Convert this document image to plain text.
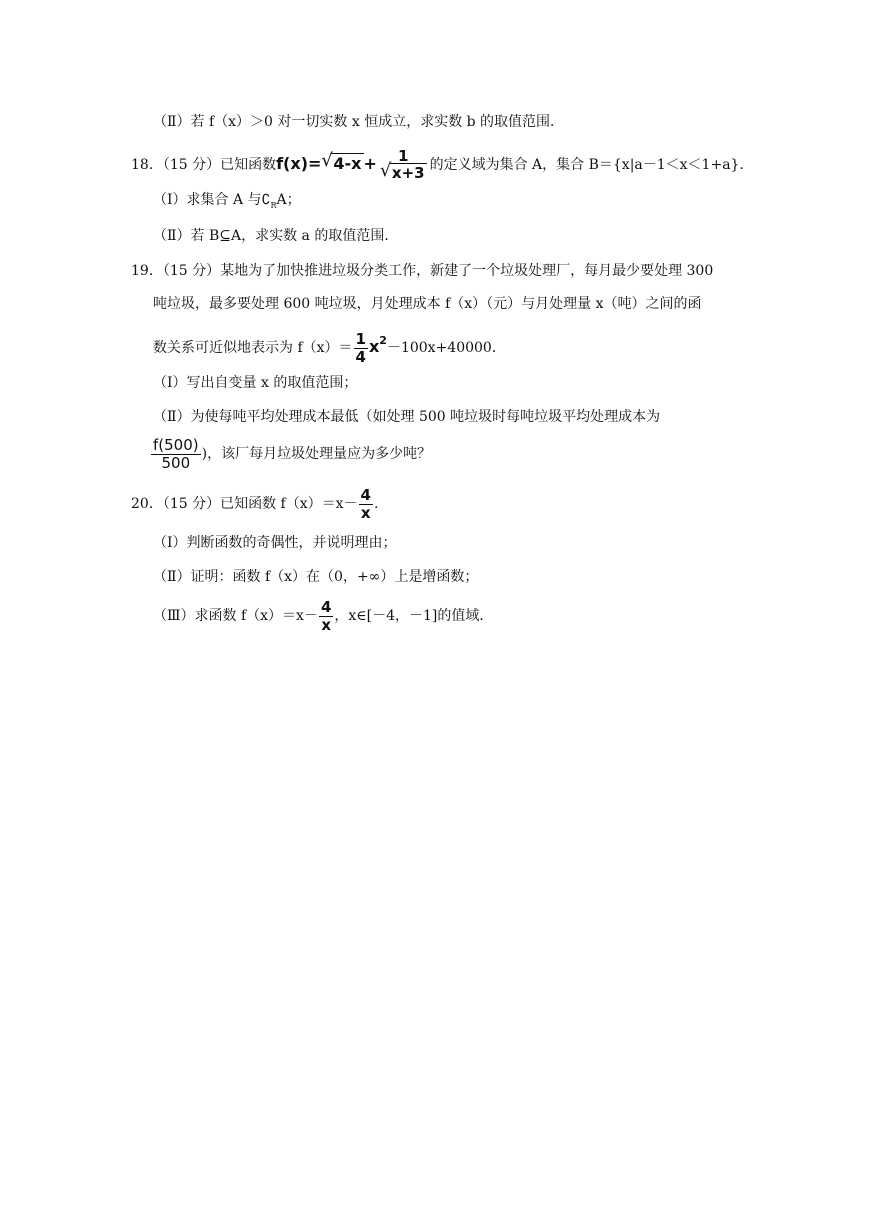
（Ⅱ）若 f（x）＞0 对一切实数 x 恒成立，求实数 b 的取值范围．
18．（15 分）已知函数f(x)= √ 4-x +	1
√ x+3 的定义域为集合 A，集合 B＝{x|a－1＜x＜1+a}．
（Ⅰ）求集合 A 与$∁_RA$；
（Ⅱ）若 B⊆A，求实数 a 的取值范围．
19．（15 分）某地为了加快推进垃圾分类工作，新建了一个垃圾处理厂，每月最少要处理 300
吨垃圾，最多要处理 600 吨垃圾，月处理成本 f（x）（元）与月处理量 x（吨）之间的函
数关系可近似地表示为 $f(x)= \frac{1}{4} x^2-100x+40000$．
（Ⅰ）写出自变量 x 的取值范围；
（Ⅱ）为使每吨平均处理成本最低（如处理 500 吨垃圾时每吨垃圾平均处理成本为
$\frac{f(500)}{500}$ )，该厂每月垃圾处理量应为多少吨？
20．（15 分）已知函数 $f(x)=x- \frac{4}{x}$ .
（Ⅰ）判断函数的奇偶性，并说明理由；
（Ⅱ）证明：函数 f（x）在（0，+∞）上是增函数；
（Ⅲ）求函数 $f(x)=x- \frac{4}{x}$ ，x∈[－4，－1]的值域．
